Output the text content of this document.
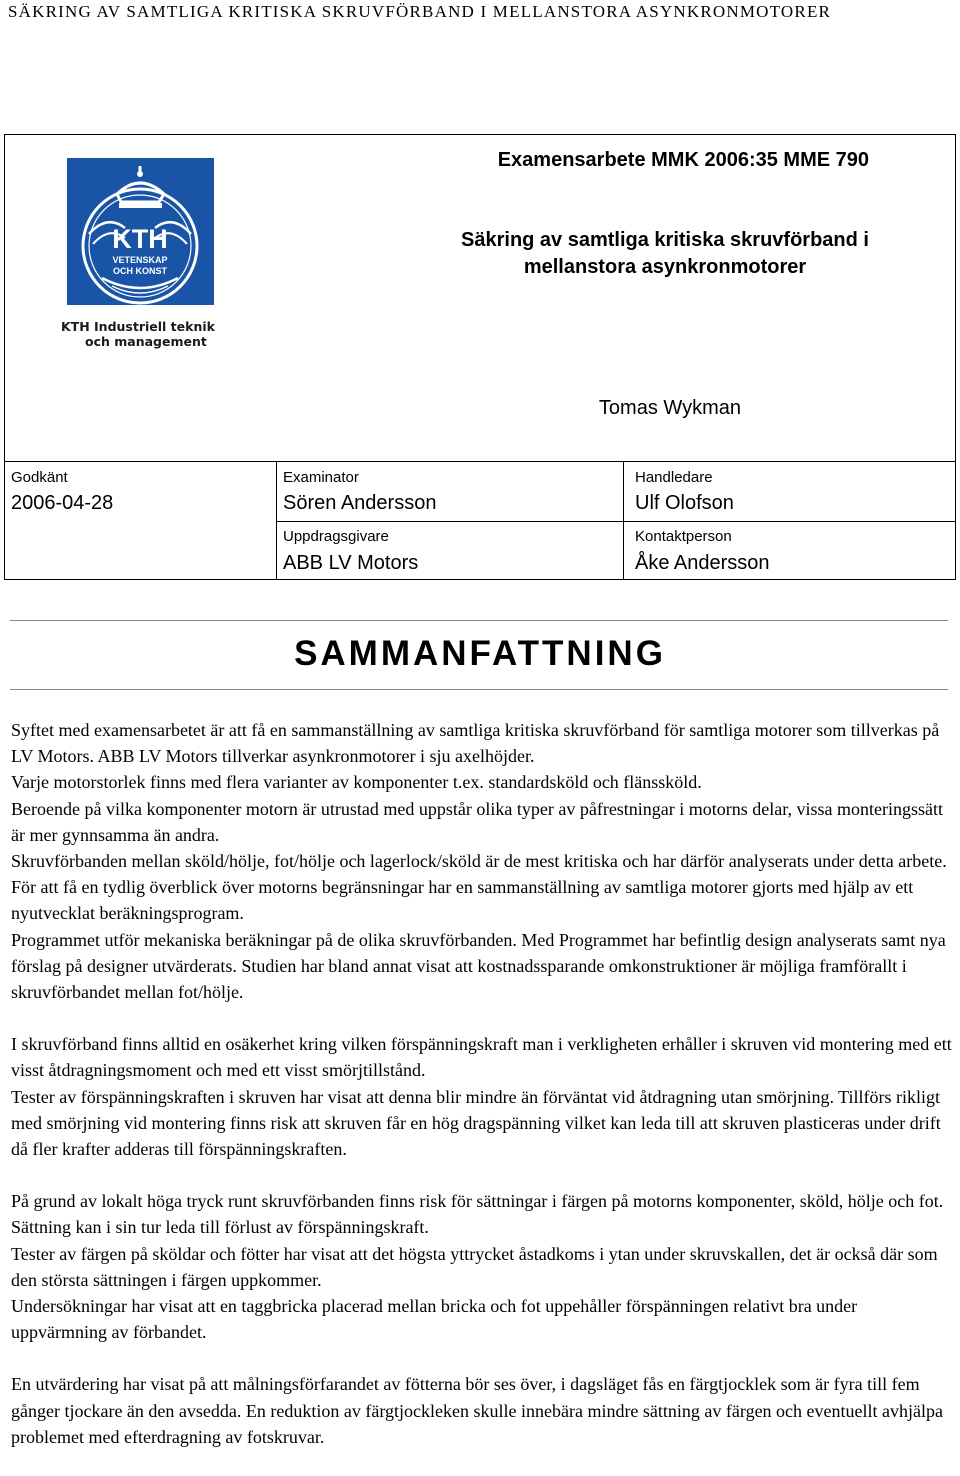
SÄKRING AV SAMTLIGA KRITISKA SKRUVFÖRBAND I MELLANSTORA ASYNKRONMOTORER
KTH
VETENSKAP
OCH KONST
KTH Industriell teknik
och management
Examensarbete MMK 2006:35 MME 790
Säkring av samtliga kritiska skruvförband i
mellanstora asynkronmotorer
Tomas Wykman
Godkänt
2006-04-28
Examinator
Sören Andersson
Handledare
Ulf Olofson
Uppdragsgivare
ABB LV Motors
Kontaktperson
Åke Andersson
SAMMANFATTNING

Syftet med examensarbetet är att få en sammanställning av samtliga kritiska skruvförband för samtliga motorer som tillverkas på LV Motors. ABB LV Motors tillverkar asynkronmotorer i sju axelhöjder.
Varje motorstorlek finns med flera varianter av komponenter t.ex. standardsköld och flänssköld.
Beroende på vilka komponenter motorn är utrustad med uppstår olika typer av påfrestningar i motorns delar, vissa monteringssätt är mer gynnsamma än andra.
Skruvförbanden mellan sköld/hölje, fot/hölje och lagerlock/sköld är de mest kritiska och har därför analyserats under detta arbete. För att få en tydlig överblick över motorns begränsningar har en sammanställning av samtliga motorer gjorts med hjälp av ett nyutvecklat beräkningsprogram.
Programmet utför mekaniska beräkningar på de olika skruvförbanden. Med Programmet har befintlig design analyserats samt nya förslag på designer utvärderats. Studien har bland annat visat att kostnadssparande omkonstruktioner är möjliga framförallt i skruvförbandet mellan fot/hölje.

I skruvförband finns alltid en osäkerhet kring vilken förspänningskraft man i verkligheten erhåller i skruven vid montering med ett visst åtdragningsmoment och med ett visst smörjtillstånd.
Tester av förspänningskraften i skruven har visat att denna blir mindre än förväntat vid åtdragning utan smörjning. Tillförs rikligt med smörjning vid montering finns risk att skruven får en hög dragspänning vilket kan leda till att skruven plasticeras under drift då fler krafter adderas till förspänningskraften.

På grund av lokalt höga tryck runt skruvförbanden finns risk för sättningar i färgen på motorns komponenter, sköld, hölje och fot. Sättning kan i sin tur leda till förlust av förspänningskraft.
Tester av färgen på sköldar och fötter har visat att det högsta yttrycket åstadkoms i ytan under skruvskallen, det är också där som den största sättningen i färgen uppkommer.
Undersökningar har visat att en taggbricka placerad mellan bricka och fot uppehåller förspänningen relativt bra under uppvärmning av förbandet.

En utvärdering har visat på att målningsförfarandet av fötterna bör ses över, i dagsläget fås en färgtjocklek som är fyra till fem gånger tjockare än den avsedda. En reduktion av färgtjockleken skulle innebära mindre sättning av färgen och eventuellt avhjälpa problemet med efterdragning av fotskruvar.
